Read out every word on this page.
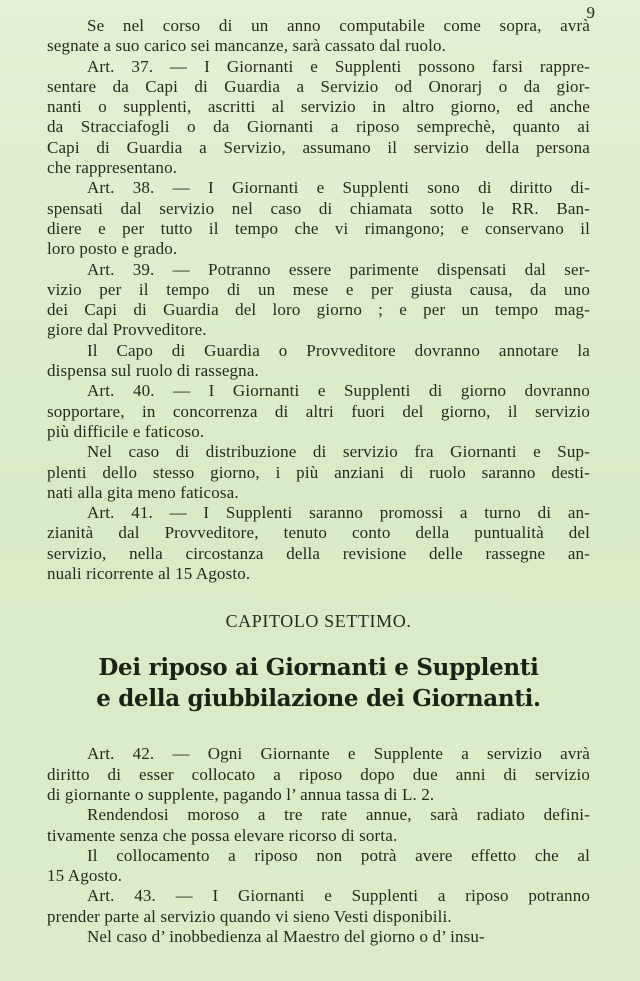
9
Se nel corso di un anno computabile come sopra, avrà
segnate a suo carico sei mancanze, sarà cassato dal ruolo.
Art. 37. — I Giornanti e Supplenti possono farsi rappre-
sentare da Capi di Guardia a Servizio od Onorarj o da gior-
nanti o supplenti, ascritti al servizio in altro giorno, ed anche
da Stracciafogli o da Giornanti a riposo semprechè, quanto ai
Capi di Guardia a Servizio, assumano il servizio della persona
che rappresentano.
Art. 38. — I Giornanti e Supplenti sono di diritto di-
spensati dal servizio nel caso di chiamata sotto le RR. Ban-
diere e per tutto il tempo che vi rimangono; e conservano il
loro posto e grado.
Art. 39. — Potranno essere parimente dispensati dal ser-
vizio per il tempo di un mese e per giusta causa, da uno
dei Capi di Guardia del loro giorno ; e per un tempo mag-
giore dal Provveditore.
Il Capo di Guardia o Provveditore dovranno annotare la
dispensa sul ruolo di rassegna.
Art. 40. — I Giornanti e Supplenti di giorno dovranno
sopportare, in concorrenza di altri fuori del giorno, il servizio
più difficile e faticoso.
Nel caso di distribuzione di servizio fra Giornanti e Sup-
plenti dello stesso giorno, i più anziani di ruolo saranno desti-
nati alla gita meno faticosa.
Art. 41. — I Supplenti saranno promossi a turno di an-
zianità dal Provveditore, tenuto conto della puntualità del
servizio, nella circostanza della revisione delle rassegne an-
nuali ricorrente al 15 Agosto.
CAPITOLO SETTIMO.
Dei riposo ai Giornanti e Supplenti
e della giubbilazione dei Giornanti.
Art. 42. — Ogni Giornante e Supplente a servizio avrà
diritto di esser collocato a riposo dopo due anni di servizio
di giornante o supplente, pagando l’ annua tassa di L. 2.
Rendendosi moroso a tre rate annue, sarà radiato defini-
tivamente senza che possa elevare ricorso di sorta.
Il collocamento a riposo non potrà avere effetto che al
15 Agosto.
Art. 43. — I Giornanti e Supplenti a riposo potranno
prender parte al servizio quando vi sieno Vesti disponibili.
Nel caso d’ inobbedienza al Maestro del giorno o d’ insu-
